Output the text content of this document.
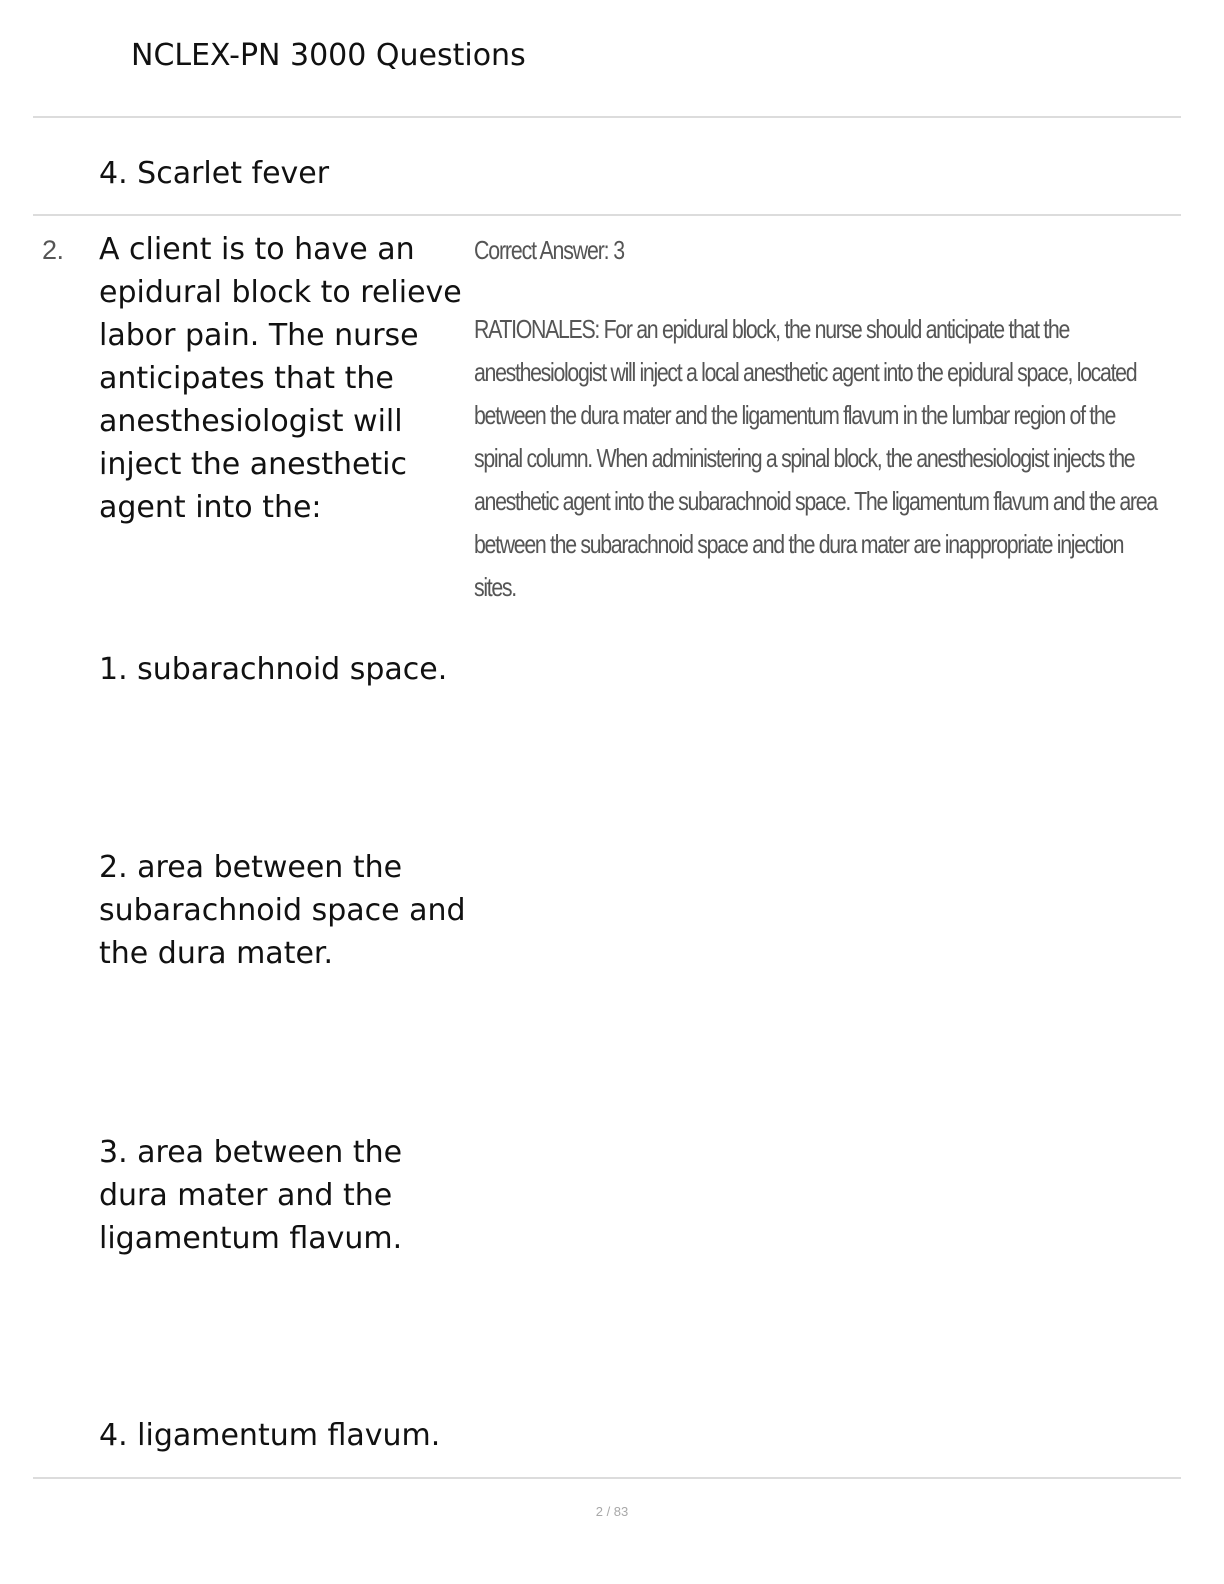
NCLEX-PN 3000 Questions
4. Scarlet fever
2. A client is to have an epidural block to relieve labor pain. The nurse anticipates that the anesthesiologist will inject the anesthetic agent into the:
1. subarachnoid space.
2. area between the subarachnoid space and the dura mater.
3. area between the dura mater and the ligamentum flavum.
4. ligamentum flavum.
Correct Answer: 3
RATIONALES: For an epidural block, the nurse should anticipate that the anesthesiologist will inject a local anesthetic agent into the epidural space, located between the dura mater and the ligamentum flavum in the lumbar region of the spinal column. When administering a spinal block, the anesthesiologist injects the anesthetic agent into the subarachnoid space. The ligamentum flavum and the area between the subarachnoid space and the dura mater are inappropriate injection sites.
2 / 83
